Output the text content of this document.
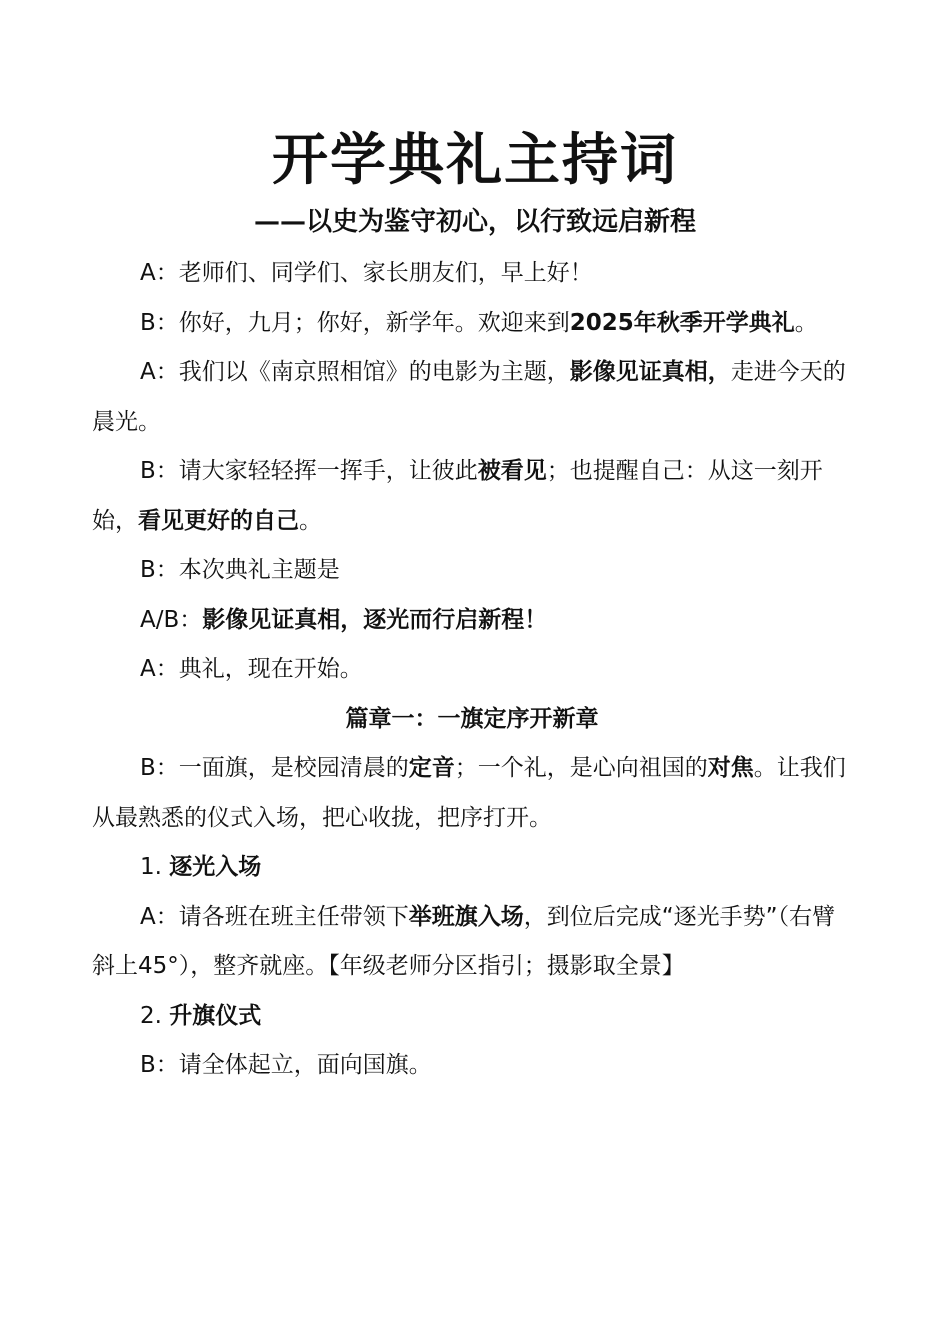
开学典礼主持词
——以史为鉴守初心，以行致远启新程

A：老师们、同学们、家长朋友们，早上好！

B：你好，九月；你好，新学年。欢迎来到2025年秋季开学典礼。

A：我们以《南京照相馆》的电影为主题，影像见证真相，走进今天的晨光。

B：请大家轻轻挥一挥手，让彼此被看见；也提醒自己：从这一刻开始，看见更好的自己。

B：本次典礼主题是

A/B：影像见证真相，逐光而行启新程！

A：典礼，现在开始。

篇章一：一旗定序开新章

B：一面旗，是校园清晨的定音；一个礼，是心向祖国的对焦。让我们从最熟悉的仪式入场，把心收拢，把序打开。

1. 逐光入场

A：请各班在班主任带领下举班旗入场，到位后完成“逐光手势”（右臂斜上45°），整齐就座。【年级老师分区指引；摄影取全景】

2. 升旗仪式

B：请全体起立，面向国旗。
